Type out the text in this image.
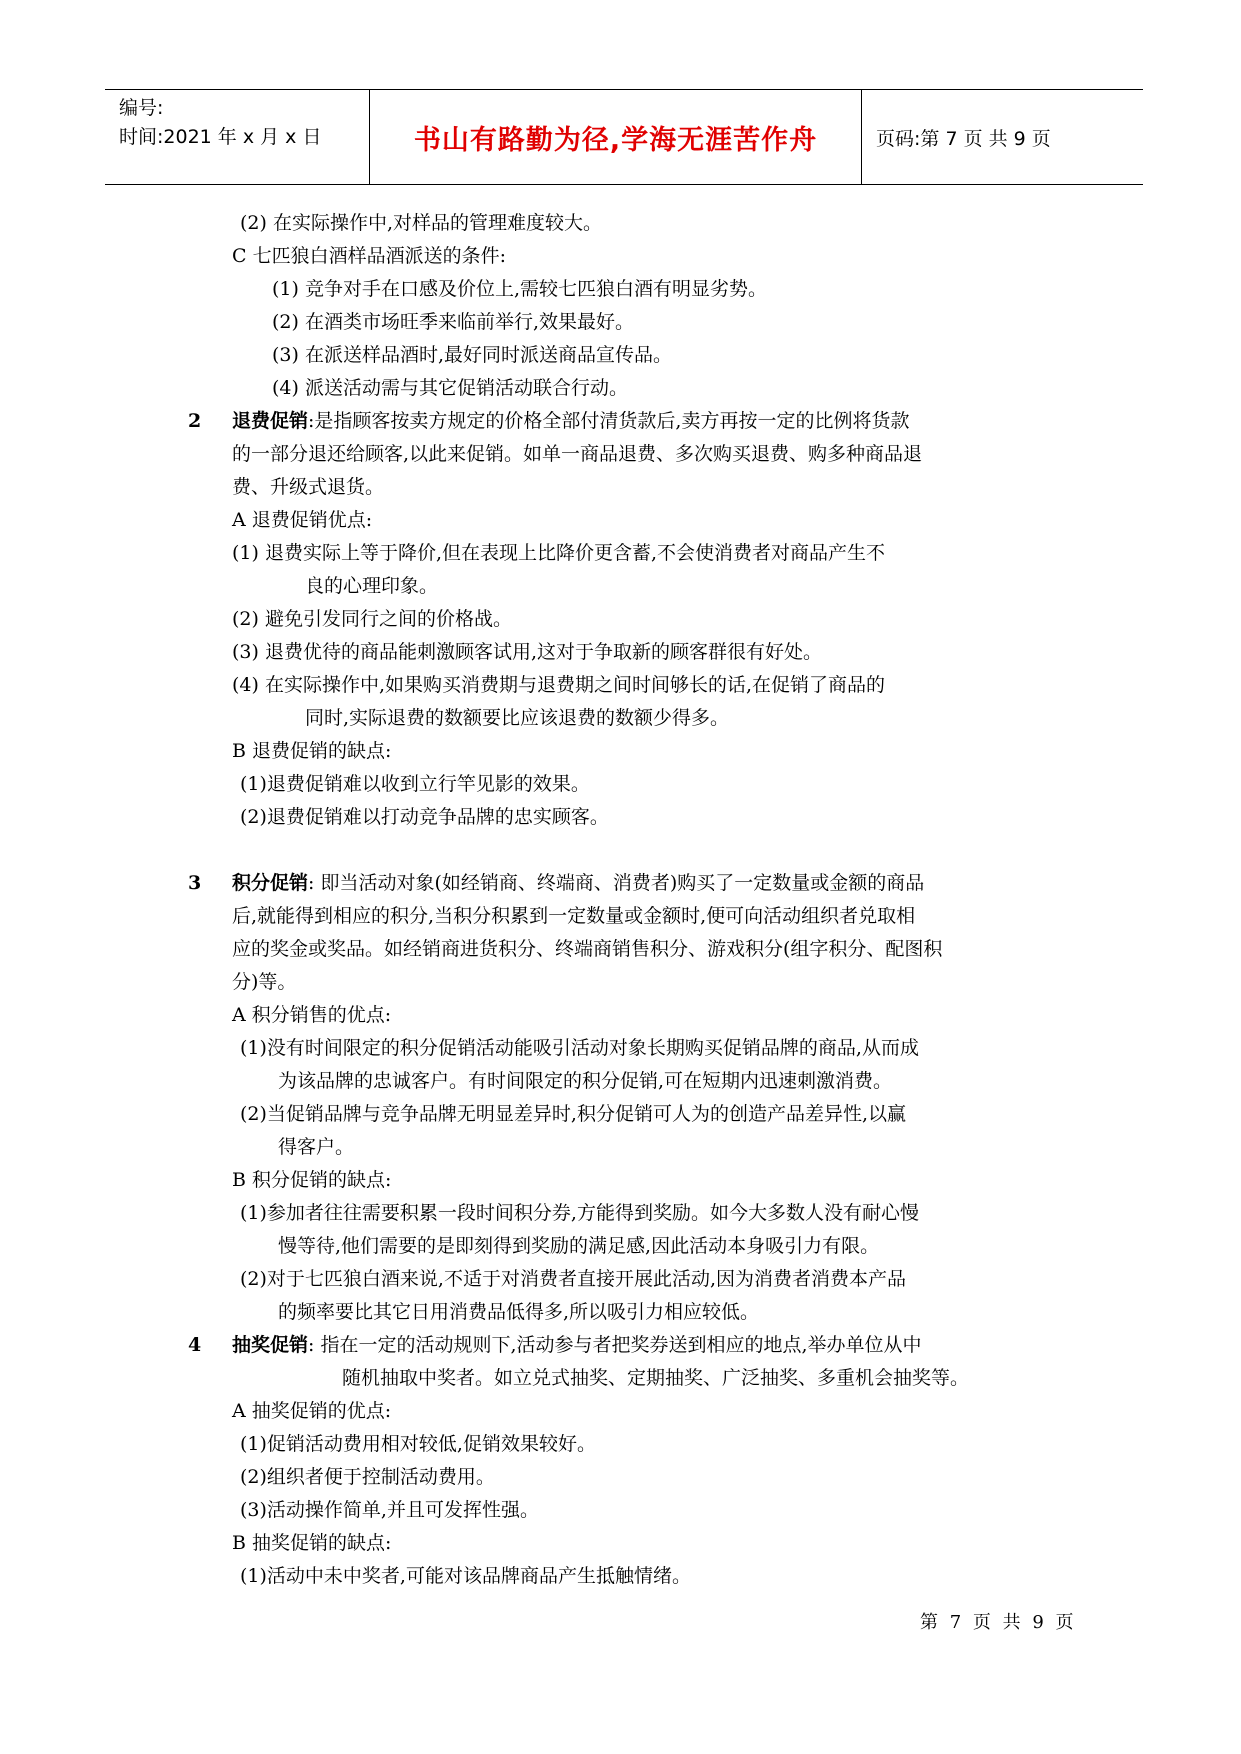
编号:
时间:2021 年 x 月 x 日	书山有路勤为径,学海无涯苦作舟	页码:第 7 页 共 9 页
(2) 在实际操作中,对样品的管理难度较大。
C 七匹狼白酒样品酒派送的条件:
(1) 竞争对手在口感及价位上,需较七匹狼白酒有明显劣势。
(2) 在酒类市场旺季来临前举行,效果最好。
(3) 在派送样品酒时,最好同时派送商品宣传品。
(4) 派送活动需与其它促销活动联合行动。
2 退费促销:是指顾客按卖方规定的价格全部付清货款后,卖方再按一定的比例将货款
的一部分退还给顾客,以此来促销。如单一商品退费、多次购买退费、购多种商品退
费、升级式退货。
A 退费促销优点:
(1) 退费实际上等于降价,但在表现上比降价更含蓄,不会使消费者对商品产生不
良的心理印象。
(2) 避免引发同行之间的价格战。
(3) 退费优待的商品能刺激顾客试用,这对于争取新的顾客群很有好处。
(4) 在实际操作中,如果购买消费期与退费期之间时间够长的话,在促销了商品的
同时,实际退费的数额要比应该退费的数额少得多。
B 退费促销的缺点:
(1)退费促销难以收到立行竿见影的效果。
(2)退费促销难以打动竞争品牌的忠实顾客。
3 积分促销: 即当活动对象(如经销商、终端商、消费者)购买了一定数量或金额的商品
后,就能得到相应的积分,当积分积累到一定数量或金额时,便可向活动组织者兑取相
应的奖金或奖品。如经销商进货积分、终端商销售积分、游戏积分(组字积分、配图积
分)等。
A 积分销售的优点:
(1)没有时间限定的积分促销活动能吸引活动对象长期购买促销品牌的商品,从而成
为该品牌的忠诚客户。有时间限定的积分促销,可在短期内迅速刺激消费。
(2)当促销品牌与竞争品牌无明显差异时,积分促销可人为的创造产品差异性,以赢
得客户。
B 积分促销的缺点:
(1)参加者往往需要积累一段时间积分券,方能得到奖励。如今大多数人没有耐心慢
慢等待,他们需要的是即刻得到奖励的满足感,因此活动本身吸引力有限。
(2)对于七匹狼白酒来说,不适于对消费者直接开展此活动,因为消费者消费本产品
的频率要比其它日用消费品低得多,所以吸引力相应较低。
4 抽奖促销: 指在一定的活动规则下,活动参与者把奖券送到相应的地点,举办单位从中
随机抽取中奖者。如立兑式抽奖、定期抽奖、广泛抽奖、多重机会抽奖等。
A 抽奖促销的优点:
(1)促销活动费用相对较低,促销效果较好。
(2)组织者便于控制活动费用。
(3)活动操作简单,并且可发挥性强。
B 抽奖促销的缺点:
(1)活动中未中奖者,可能对该品牌商品产生抵触情绪。
第 7 页 共 9 页
